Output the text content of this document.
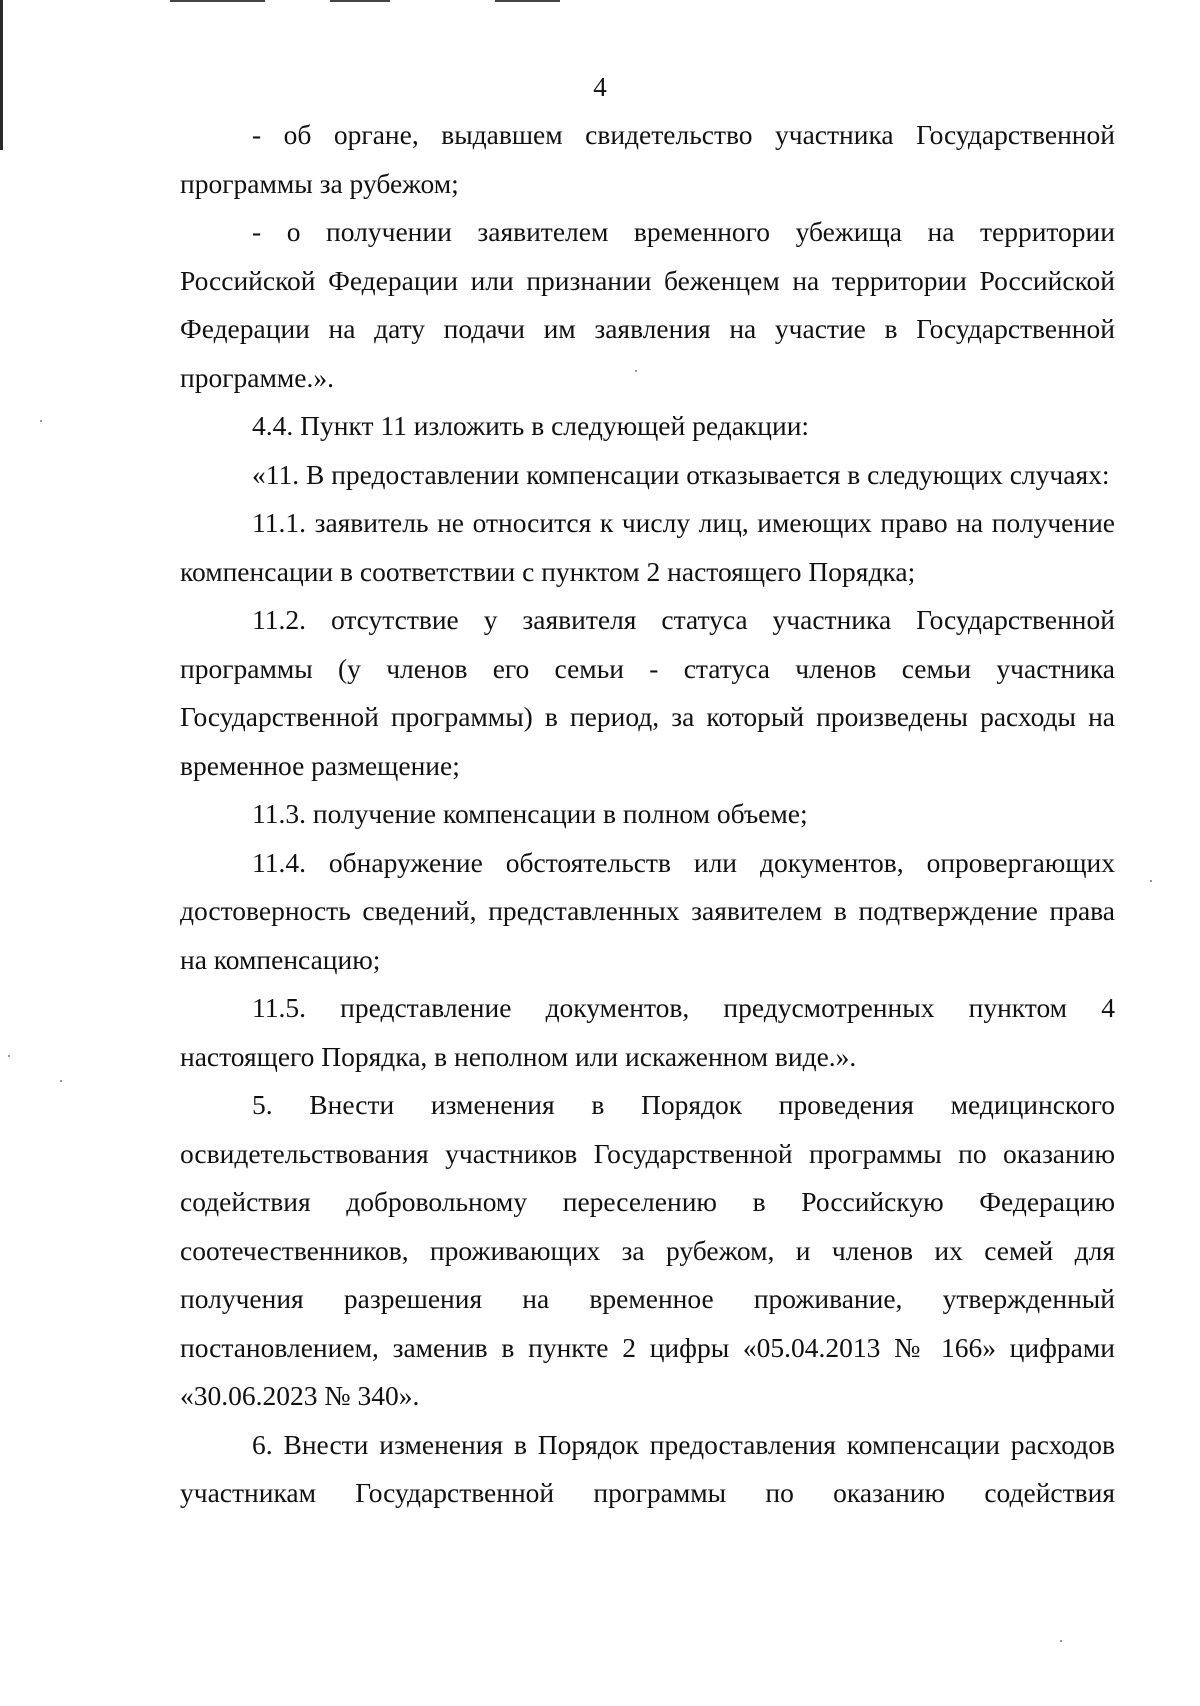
4

- об органе, выдавшем свидетельство участника Государственной программы за рубежом;

- о получении заявителем временного убежища на территории Российской Федерации или признании беженцем на территории Российской Федерации на дату подачи им заявления на участие в Государственной программе.».

4.4. Пункт 11 изложить в следующей редакции:

«11. В предоставлении компенсации отказывается в следующих случаях:

11.1. заявитель не относится к числу лиц, имеющих право на получение компенсации в соответствии с пунктом 2 настоящего Порядка;

11.2. отсутствие у заявителя статуса участника Государственной программы (у членов его семьи - статуса членов семьи участника Государственной программы) в период, за который произведены расходы на временное размещение;

11.3. получение компенсации в полном объеме;

11.4. обнаружение обстоятельств или документов, опровергающих достоверность сведений, представленных заявителем в подтверждение права на компенсацию;

11.5. представление документов, предусмотренных пунктом 4 настоящего Порядка, в неполном или искаженном виде.».

5. Внести изменения в Порядок проведения медицинского освидетельствования участников Государственной программы по оказанию содействия добровольному переселению в Российскую Федерацию соотечественников, проживающих за рубежом, и членов их семей для получения разрешения на временное проживание, утвержденный постановлением, заменив в пункте 2 цифры «05.04.2013 № 166» цифрами «30.06.2023 № 340».

6. Внести изменения в Порядок предоставления компенсации расходов участникам Государственной программы по оказанию содействия
